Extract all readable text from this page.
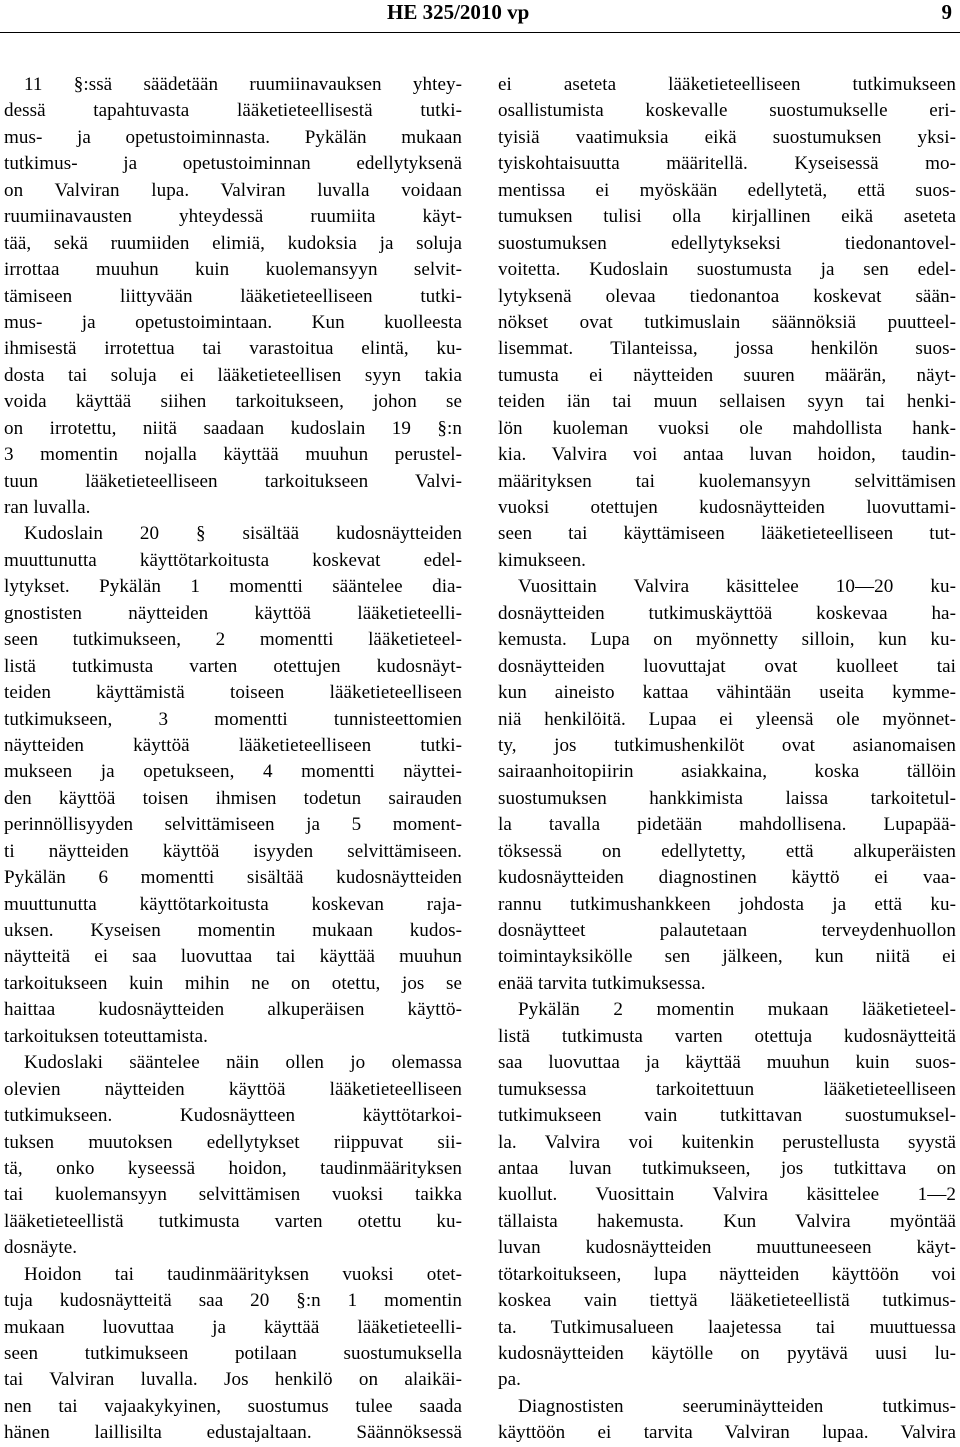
HE 325/2010 vp	9
11 §:ssä säädetään ruumiinavauksen yhtey-
dessä tapahtuvasta lääketieteellisestä tutki-
mus- ja opetustoiminnasta. Pykälän mukaan
tutkimus- ja opetustoiminnan edellytyksenä
on Valviran lupa. Valviran luvalla voidaan
ruumiinavausten yhteydessä ruumiita käyt-
tää, sekä ruumiiden elimiä, kudoksia ja soluja
irrottaa muuhun kuin kuolemansyyn selvit-
tämiseen liittyvään lääketieteelliseen tutki-
mus- ja opetustoimintaan. Kun kuolleesta
ihmisestä irrotettua tai varastoitua elintä, ku-
dosta tai soluja ei lääketieteellisen syyn takia
voida käyttää siihen tarkoitukseen, johon se
on irrotettu, niitä saadaan kudoslain 19 §:n
3 momentin nojalla käyttää muuhun perustel-
tuun lääketieteelliseen tarkoitukseen Valvi-
ran luvalla.
Kudoslain 20 § sisältää kudosnäytteiden
muuttunutta käyttötarkoitusta koskevat edel-
lytykset. Pykälän 1 momentti sääntelee dia-
gnostisten näytteiden käyttöä lääketieteelli-
seen tutkimukseen, 2 momentti lääketieteel-
listä tutkimusta varten otettujen kudosnäyt-
teiden käyttämistä toiseen lääketieteelliseen
tutkimukseen, 3 momentti tunnisteettomien
näytteiden käyttöä lääketieteelliseen tutki-
mukseen ja opetukseen, 4 momentti näyttei-
den käyttöä toisen ihmisen todetun sairauden
perinnöllisyyden selvittämiseen ja 5 moment-
ti näytteiden käyttöä isyyden selvittämiseen.
Pykälän 6 momentti sisältää kudosnäytteiden
muuttunutta käyttötarkoitusta koskevan raja-
uksen. Kyseisen momentin mukaan kudos-
näytteitä ei saa luovuttaa tai käyttää muuhun
tarkoitukseen kuin mihin ne on otettu, jos se
haittaa kudosnäytteiden alkuperäisen käyttö-
tarkoituksen toteuttamista.
Kudoslaki sääntelee näin ollen jo olemassa
olevien näytteiden käyttöä lääketieteelliseen
tutkimukseen. Kudosnäytteen käyttötarkoi-
tuksen muutoksen edellytykset riippuvat sii-
tä, onko kyseessä hoidon, taudinmäärityksen
tai kuolemansyyn selvittämisen vuoksi taikka
lääketieteellistä tutkimusta varten otettu ku-
dosnäyte.
Hoidon tai taudinmäärityksen vuoksi otet-
tuja kudosnäytteitä saa 20 §:n 1 momentin
mukaan luovuttaa ja käyttää lääketieteelli-
seen tutkimukseen potilaan suostumuksella
tai Valviran luvalla. Jos henkilö on alaikäi-
nen tai vajaakykyinen, suostumus tulee saada
hänen laillisilta edustajaltaan. Säännöksessä
ei aseteta lääketieteelliseen tutkimukseen
osallistumista koskevalle suostumukselle eri-
tyisiä vaatimuksia eikä suostumuksen yksi-
tyiskohtaisuutta määritellä. Kyseisessä mo-
mentissa ei myöskään edellytetä, että suos-
tumuksen tulisi olla kirjallinen eikä aseteta
suostumuksen edellytykseksi tiedonantovel-
voitetta. Kudoslain suostumusta ja sen edel-
lytyksenä olevaa tiedonantoa koskevat sään-
nökset ovat tutkimuslain säännöksiä puutteel-
lisemmat. Tilanteissa, jossa henkilön suos-
tumusta ei näytteiden suuren määrän, näyt-
teiden iän tai muun sellaisen syyn tai henki-
lön kuoleman vuoksi ole mahdollista hank-
kia. Valvira voi antaa luvan hoidon, taudin-
määrityksen tai kuolemansyyn selvittämisen
vuoksi otettujen kudosnäytteiden luovuttami-
seen tai käyttämiseen lääketieteelliseen tut-
kimukseen.
Vuosittain Valvira käsittelee 10—20 ku-
dosnäytteiden tutkimuskäyttöä koskevaa ha-
kemusta. Lupa on myönnetty silloin, kun ku-
dosnäytteiden luovuttajat ovat kuolleet tai
kun aineisto kattaa vähintään useita kymme-
niä henkilöitä. Lupaa ei yleensä ole myönnet-
ty, jos tutkimushenkilöt ovat asianomaisen
sairaanhoitopiirin asiakkaina, koska tällöin
suostumuksen hankkimista laissa tarkoitetul-
la tavalla pidetään mahdollisena. Lupapää-
töksessä on edellytetty, että alkuperäisten
kudosnäytteiden diagnostinen käyttö ei vaa-
rannu tutkimushankkeen johdosta ja että ku-
dosnäytteet palautetaan terveydenhuollon
toimintayksikölle sen jälkeen, kun niitä ei
enää tarvita tutkimuksessa.
Pykälän 2 momentin mukaan lääketieteel-
listä tutkimusta varten otettuja kudosnäytteitä
saa luovuttaa ja käyttää muuhun kuin suos-
tumuksessa tarkoitettuun lääketieteelliseen
tutkimukseen vain tutkittavan suostumuksel-
la. Valvira voi kuitenkin perustellusta syystä
antaa luvan tutkimukseen, jos tutkittava on
kuollut. Vuosittain Valvira käsittelee 1—2
tällaista hakemusta. Kun Valvira myöntää
luvan kudosnäytteiden muuttuneeseen käyt-
tötarkoitukseen, lupa näytteiden käyttöön voi
koskea vain tiettyä lääketieteellistä tutkimus-
ta. Tutkimusalueen laajetessa tai muuttuessa
kudosnäytteiden käytölle on pyytävä uusi lu-
pa.
Diagnostisten seeruminäytteiden tutkimus-
käyttöön ei tarvita Valviran lupaa. Valvira
